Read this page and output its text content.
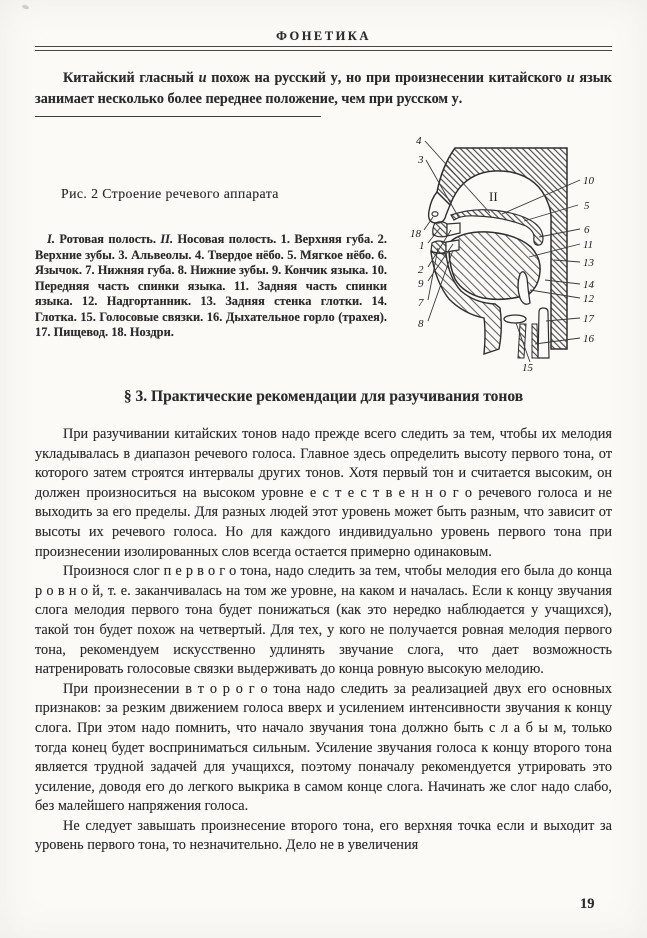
ФОНЕТИКА

Китайский гласный и похож на русский у, но при произнесении китайского и язык занимает несколько более переднее положение, чем при русском у.

Рис. 2 Строение речевого аппарата

I. Ротовая полость. II. Носовая полость. 1. Верхняя губа. 2. Верхние зубы. 3. Альвеолы. 4. Твердое нёбо. 5. Мягкое нёбо. 6. Язычок. 7. Нижняя губа. 8. Нижние зубы. 9. Кончик языка. 10. Передняя часть спинки языка. 11. Задняя часть спинки языка. 12. Надгортанник. 13. Задняя стенка глотки. 14. Глотка. 15. Голосовые связки. 16. Дыхательное горло (трахея). 17. Пищевод. 18. Ноздри.

II
4
3
18
1
2
9
7
8
10
5
6
11
13
14
12
17
16
15
§ 3. Практические рекомендации для разучивания тонов

При разучивании китайских тонов надо прежде всего следить за тем, чтобы их мелодия укладывалась в диапазон речевого голоса. Главное здесь определить высоту первого тона, от которого затем строятся интервалы других тонов. Хотя первый тон и считается высоким, он должен произноситься на высоком уровне е с т е с т в е н н о г о речевого голоса и не выходить за его пределы. Для разных людей этот уровень может быть разным, что зависит от высоты их речевого голоса. Но для каждого индивидуально уровень первого тона при произнесении изолированных слов всегда остается примерно одинаковым.

Произнося слог п е р в о г о тона, надо следить за тем, чтобы мелодия его была до конца р о в н о й, т. е. заканчивалась на том же уровне, на каком и началась. Если к концу звучания слога мелодия первого тона будет понижаться (как это нередко наблюдается у учащихся), такой тон будет похож на четвертый. Для тех, у кого не получается ровная мелодия первого тона, рекомендуем искусственно удлинять звучание слога, что дает возможность натренировать голосовые связки выдерживать до конца ровную высокую мелодию.

При произнесении в т о р о г о тона надо следить за реализацией двух его основных признаков: за резким движением голоса вверх и усилением интенсивности звучания к концу слога. При этом надо помнить, что начало звучания тона должно быть с л а б ы м, только тогда конец будет восприниматься сильным. Усиление звучания голоса к концу второго тона является трудной задачей для учащихся, поэтому поначалу рекомендуется утрировать это усиление, доводя его до легкого выкрика в самом конце слога. Начинать же слог надо слабо, без малейшего напряжения голоса.

Не следует завышать произнесение второго тона, его верхняя точка если и выходит за уровень первого тона, то незначительно. Дело не в увеличения

19
